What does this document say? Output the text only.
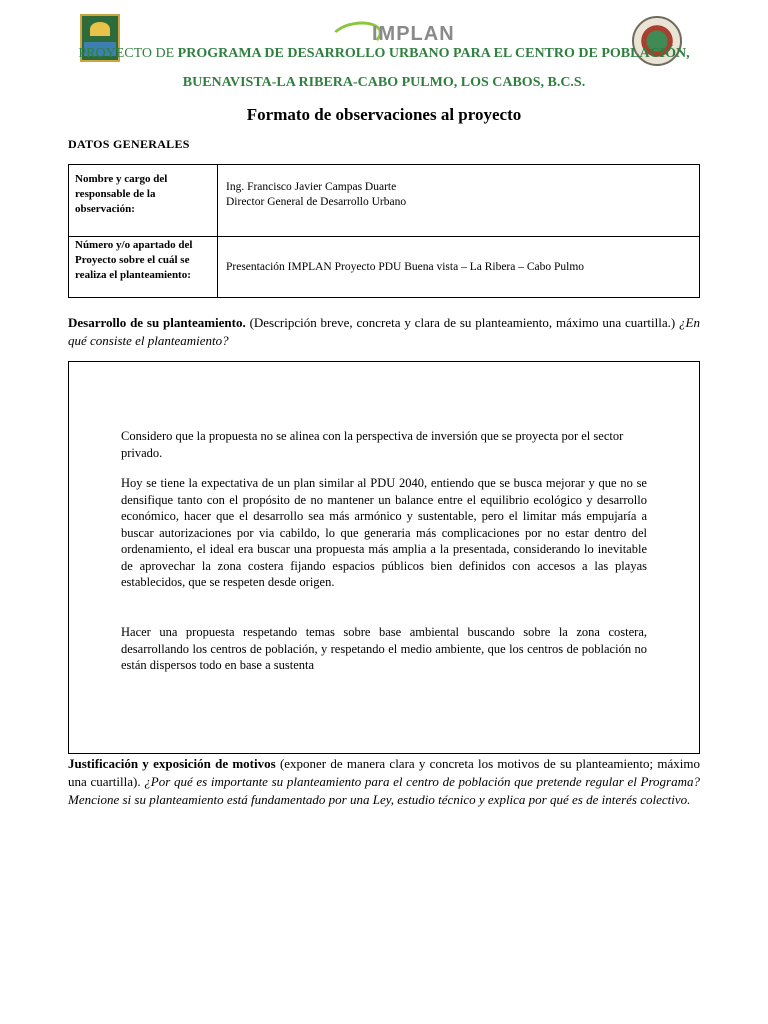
IMPLAN
PROYECTO DE PROGRAMA DE DESARROLLO URBANO PARA EL CENTRO DE POBLACIÓN,
BUENAVISTA-LA RIBERA-CABO PULMO, LOS CABOS, B.C.S.
Formato de observaciones al proyecto
DATOS GENERALES
Nombre y cargo del responsable de la observación:	Ing. Francisco Javier Campas Duarte
Director General de Desarrollo Urbano

Número y/o apartado del Proyecto sobre el cuál se realiza el planteamiento:	Presentación IMPLAN Proyecto PDU Buena vista – La Ribera – Cabo Pulmo
Desarrollo de su planteamiento. (Descripción breve, concreta y clara de su planteamiento, máximo una cuartilla.) ¿En qué consiste el planteamiento?
Considero que la propuesta no se alinea con la perspectiva de inversión que se proyecta por el sector privado.
Hoy se tiene la expectativa de un plan similar al PDU 2040, entiendo que se busca mejorar y que no se densifique tanto con el propósito de no mantener un balance entre el equilibrio ecológico y desarrollo económico, hacer que el desarrollo sea más armónico y sustentable, pero el limitar más empujaría a buscar autorizaciones por via cabildo, lo que generaria más complicaciones por no estar dentro del ordenamiento, el ideal era buscar una propuesta más amplia a la presentada, considerando lo inevitable de aprovechar la zona costera fijando espacios públicos bien definidos con accesos a las playas establecidos, que se respeten desde origen.
Hacer una propuesta respetando temas sobre base ambiental buscando sobre la zona costera, desarrollando los centros de población, y respetando el medio ambiente, que los centros de población no están dispersos todo en base a sustenta
Justificación y exposición de motivos (exponer de manera clara y concreta los motivos de su planteamiento; máximo una cuartilla). ¿Por qué es importante su planteamiento para el centro de población que pretende regular el Programa? Mencione si su planteamiento está fundamentado por una Ley, estudio técnico y explica por qué es de interés colectivo.
